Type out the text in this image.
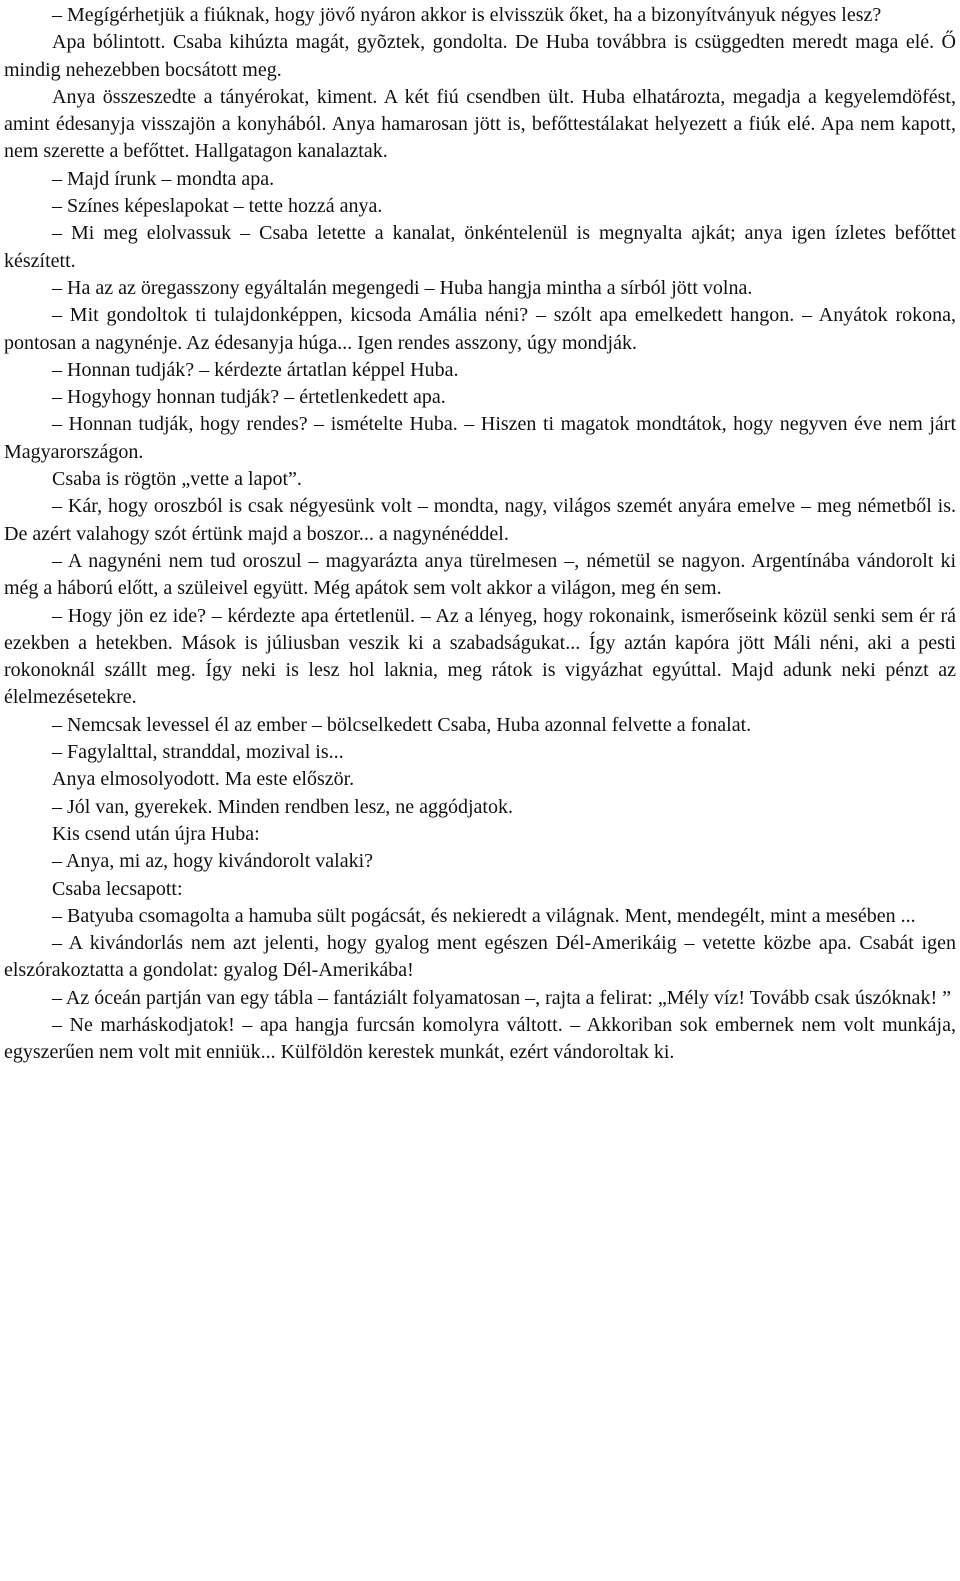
– Megígérhetjük a fiúknak, hogy jövő nyáron akkor is elvisszük őket, ha a bizonyítványuk négyes lesz?

Apa bólintott. Csaba kihúzta magát, gyõztek, gondolta. De Huba továbbra is csüggedten meredt maga elé. Ő mindig nehezebben bocsátott meg.

Anya összeszedte a tányérokat, kiment. A két fiú csendben ült. Huba elhatározta, megadja a kegyelemdöfést, amint édesanyja visszajön a konyhából. Anya hamarosan jött is, befőttestálakat helyezett a fiúk elé. Apa nem kapott, nem szerette a befőttet. Hallgatagon kanalaztak.

– Majd írunk – mondta apa.

– Színes képeslapokat – tette hozzá anya.

– Mi meg elolvassuk – Csaba letette a kanalat, önkéntelenül is megnyalta ajkát; anya igen ízletes befőttet készített.

– Ha az az öregasszony egyáltalán megengedi – Huba hangja mintha a sírból jött volna.

– Mit gondoltok ti tulajdonképpen, kicsoda Amália néni? – szólt apa emelkedett hangon. – Anyátok rokona, pontosan a nagynénje. Az édesanyja húga... Igen rendes asszony, úgy mondják.

– Honnan tudják? – kérdezte ártatlan képpel Huba.

– Hogyhogy honnan tudják? – értetlenkedett apa.

– Honnan tudják, hogy rendes? – ismételte Huba. – Hiszen ti magatok mondtátok, hogy negyven éve nem járt Magyarországon.

Csaba is rögtön „vette a lapot”.

– Kár, hogy oroszból is csak négyesünk volt – mondta, nagy, világos szemét anyára emelve – meg németből is. De azért valahogy szót értünk majd a boszor... a nagynénéddel.

– A nagynéni nem tud oroszul – magyarázta anya türelmesen –, németül se nagyon. Argentínába vándorolt ki még a háború előtt, a szüleivel együtt. Még apátok sem volt akkor a világon, meg én sem.

– Hogy jön ez ide? – kérdezte apa értetlenül. – Az a lényeg, hogy rokonaink, ismerőseink közül senki sem ér rá ezekben a hetekben. Mások is júliusban veszik ki a szabadságukat... Így aztán kapóra jött Máli néni, aki a pesti rokonoknál szállt meg. Így neki is lesz hol laknia, meg rátok is vigyázhat egyúttal. Majd adunk neki pénzt az élelmezésetekre.

– Nemcsak levessel él az ember – bölcselkedett Csaba, Huba azonnal felvette a fonalat.

– Fagylalttal, stranddal, mozival is...

Anya elmosolyodott. Ma este először.

– Jól van, gyerekek. Minden rendben lesz, ne aggódjatok.

Kis csend után újra Huba:

– Anya, mi az, hogy kivándorolt valaki?

Csaba lecsapott:

– Batyuba csomagolta a hamuba sült pogácsát, és nekieredt a világnak. Ment, mendegélt, mint a mesében ...

– A kivándorlás nem azt jelenti, hogy gyalog ment egészen Dél-Amerikáig – vetette közbe apa. Csabát igen elszórakoztatta a gondolat: gyalog Dél-Amerikába!

– Az óceán partján van egy tábla – fantáziált folyamatosan –, rajta a felirat: „Mély víz! Tovább csak úszóknak! ”

– Ne marháskodjatok! – apa hangja furcsán komolyra váltott. – Akkoriban sok embernek nem volt munkája, egyszerűen nem volt mit enniük... Külföldön kerestek munkát, ezért vándoroltak ki.
